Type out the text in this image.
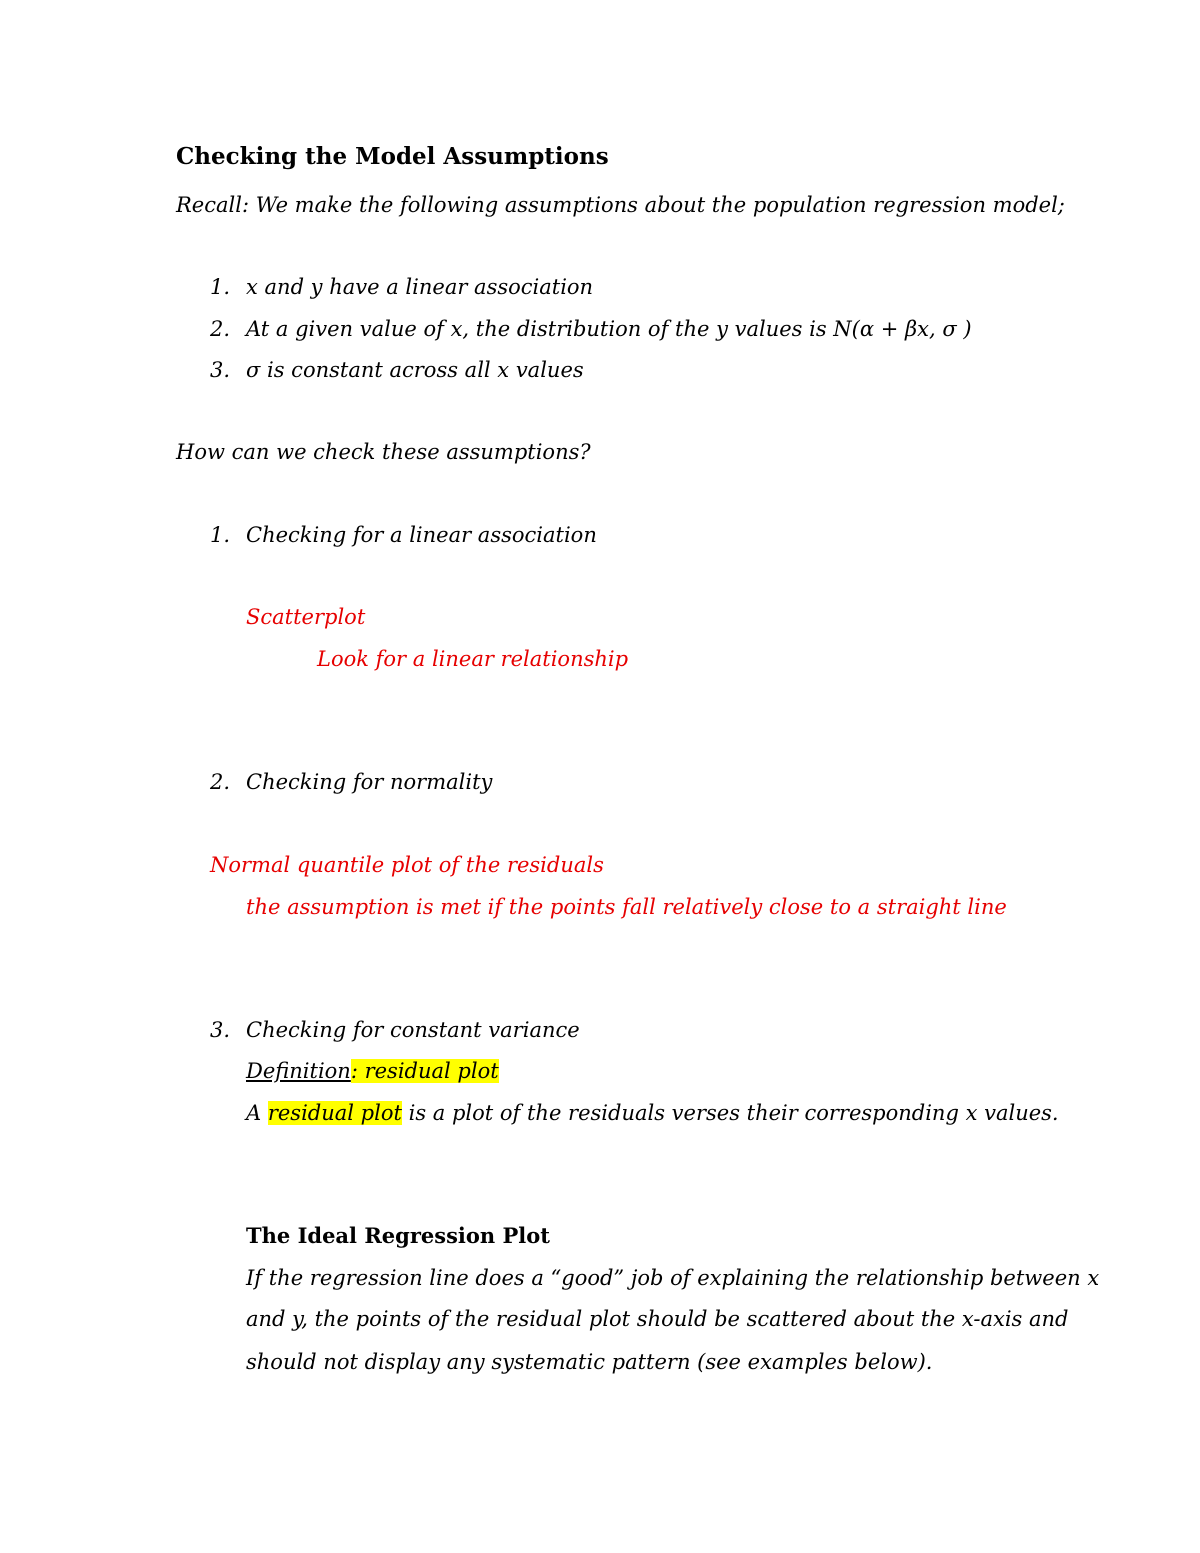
Checking the Model Assumptions
Recall: We make the following assumptions about the population regression model;
1. x and y have a linear association
2. At a given value of x, the distribution of the y values is N(α + βx, σ )
3. σ is constant across all x values
How can we check these assumptions?
1. Checking for a linear association
Scatterplot
Look for a linear relationship
2. Checking for normality
Normal quantile plot of the residuals
the assumption is met if the points fall relatively close to a straight line
3. Checking for constant variance
Definition: residual plot
A residual plot is a plot of the residuals verses their corresponding x values.
The Ideal Regression Plot
If the regression line does a “good” job of explaining the relationship between x
and y, the points of the residual plot should be scattered about the x-axis and
should not display any systematic pattern (see examples below).
